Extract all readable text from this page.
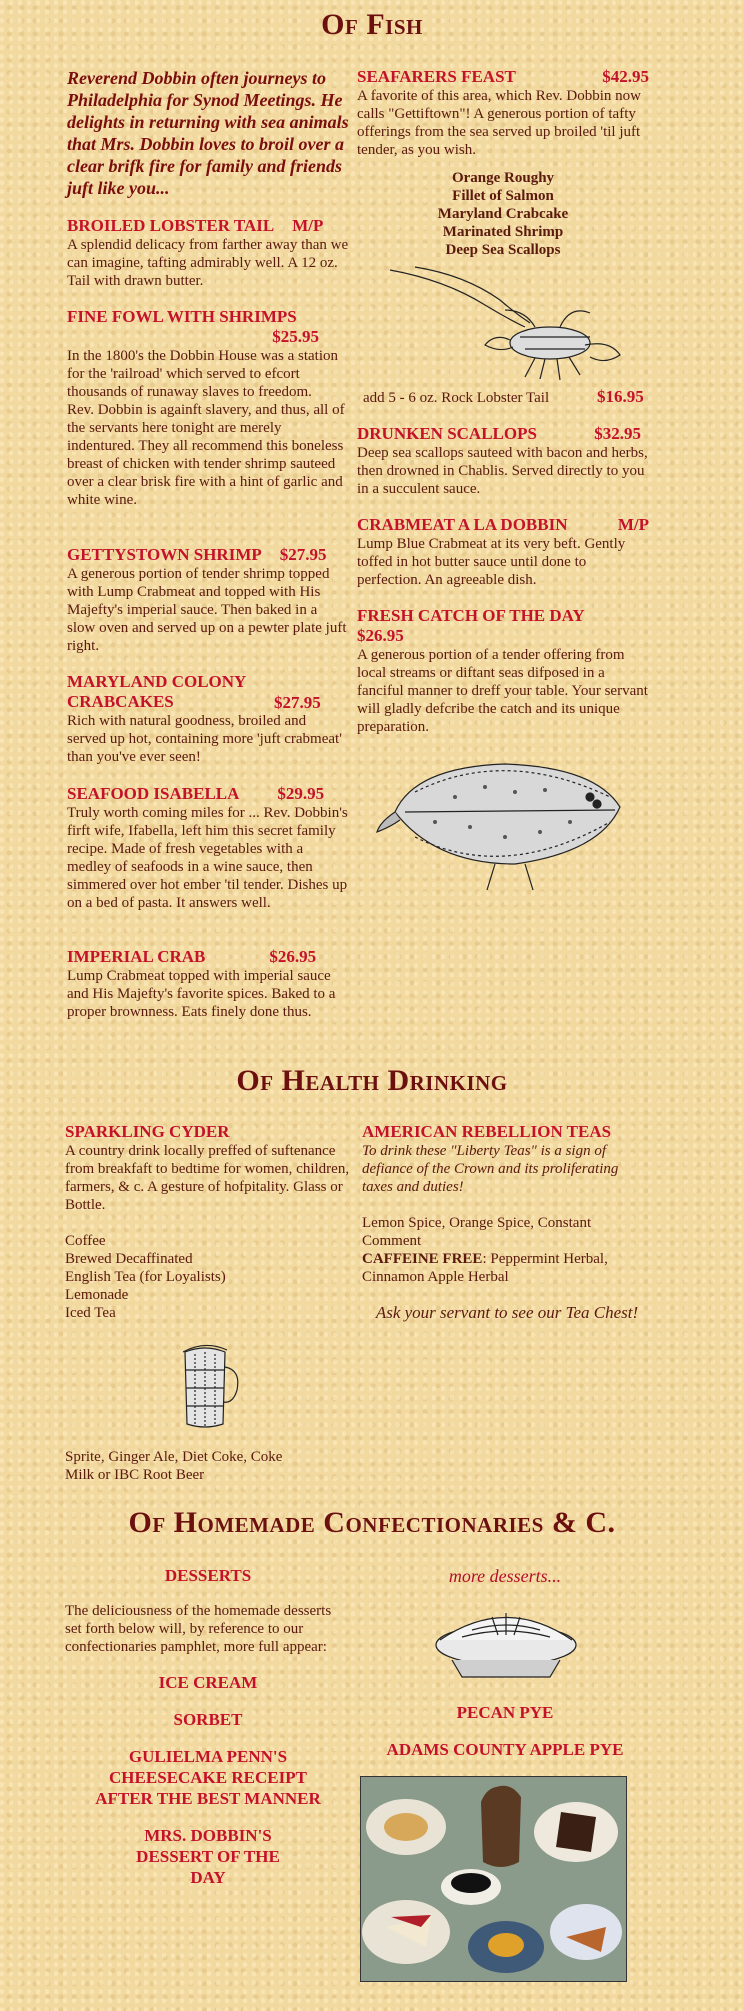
Of Fish
Reverend Dobbin often journeys to Philadelphia for Synod Meetings. He delights in returning with sea animals that Mrs. Dobbin loves to broil over a clear brifk fire for family and friends juft like you...
BROILED LOBSTER TAIL M/P
A splendid delicacy from farther away than we can imagine, tafting admirably well. A 12 oz. Tail with drawn butter.
FINE FOWL WITH SHRIMPS
$25.95
In the 1800's the Dobbin House was a station for the 'railroad' which served to efcort thousands of runaway slaves to freedom.
Rev. Dobbin is againft slavery, and thus, all of the servants here tonight are merely indentured. They all recommend this boneless breast of chicken with tender shrimp sauteed over a clear brisk fire with a hint of garlic and white wine.
GETTYSTOWN SHRIMP $27.95
A generous portion of tender shrimp topped with Lump Crabmeat and topped with His Majefty's imperial sauce. Then baked in a slow oven and served up on a pewter plate juft right.
MARYLAND COLONY CRABCAKES	$27.95
Rich with natural goodness, broiled and served up hot, containing more 'juft crabmeat' than you've ever seen!
SEAFOOD ISABELLA $29.95
Truly worth coming miles for ... Rev. Dobbin's firft wife, Ifabella, left him this secret family recipe. Made of fresh vegetables with a medley of seafoods in a wine sauce, then simmered over hot ember 'til tender. Dishes up on a bed of pasta. It answers well.
IMPERIAL CRAB	$26.95
Lump Crabmeat topped with imperial sauce and His Majefty's favorite spices. Baked to a proper brownness. Eats finely done thus.
SEAFARERS FEAST	$42.95
A favorite of this area, which Rev. Dobbin now calls "Gettiftown"! A generous portion of tafty offerings from the sea served up broiled 'til juft tender, as you wish.
Orange Roughy
Fillet of Salmon
Maryland Crabcake
Marinated Shrimp
Deep Sea Scallops
add 5 - 6 oz. Rock Lobster Tail	$16.95
DRUNKEN SCALLOPS	$32.95
Deep sea scallops sauteed with bacon and herbs, then drowned in Chablis. Served directly to you in a succulent sauce.
CRABMEAT A LA DOBBIN	M/P
Lump Blue Crabmeat at its very beft. Gently toffed in hot butter sauce until done to perfection. An agreeable dish.
FRESH CATCH OF THE DAY
$26.95
A generous portion of a tender offering from local streams or diftant seas difposed in a fanciful manner to dreff your table. Your servant will gladly defcribe the catch and its unique preparation.
Of Health Drinking
SPARKLING CYDER
A country drink locally preffed of suftenance from breakfaft to bedtime for women, children, farmers, & c. A gesture of hofpitality. Glass or Bottle.
Coffee
Brewed Decaffinated
English Tea (for Loyalists)
Lemonade
Iced Tea
Sprite, Ginger Ale, Diet Coke, Coke
Milk or IBC Root Beer
AMERICAN REBELLION TEAS
To drink these "Liberty Teas" is a sign of defiance of the Crown and its proliferating taxes and duties!
Lemon Spice, Orange Spice, Constant Comment
CAFFEINE FREE: Peppermint Herbal, Cinnamon Apple Herbal
Ask your servant to see our Tea Chest!
Of Homemade Confectionaries & C.
DESSERTS
The deliciousness of the homemade desserts set forth below will, by reference to our confectionaries pamphlet, more full appear:
ICE CREAM
SORBET
GULIELMA PENN'S CHEESECAKE RECEIPT AFTER THE BEST MANNER
MRS. DOBBIN'S DESSERT OF THE DAY
more desserts...
PECAN PYE
ADAMS COUNTY APPLE PYE
